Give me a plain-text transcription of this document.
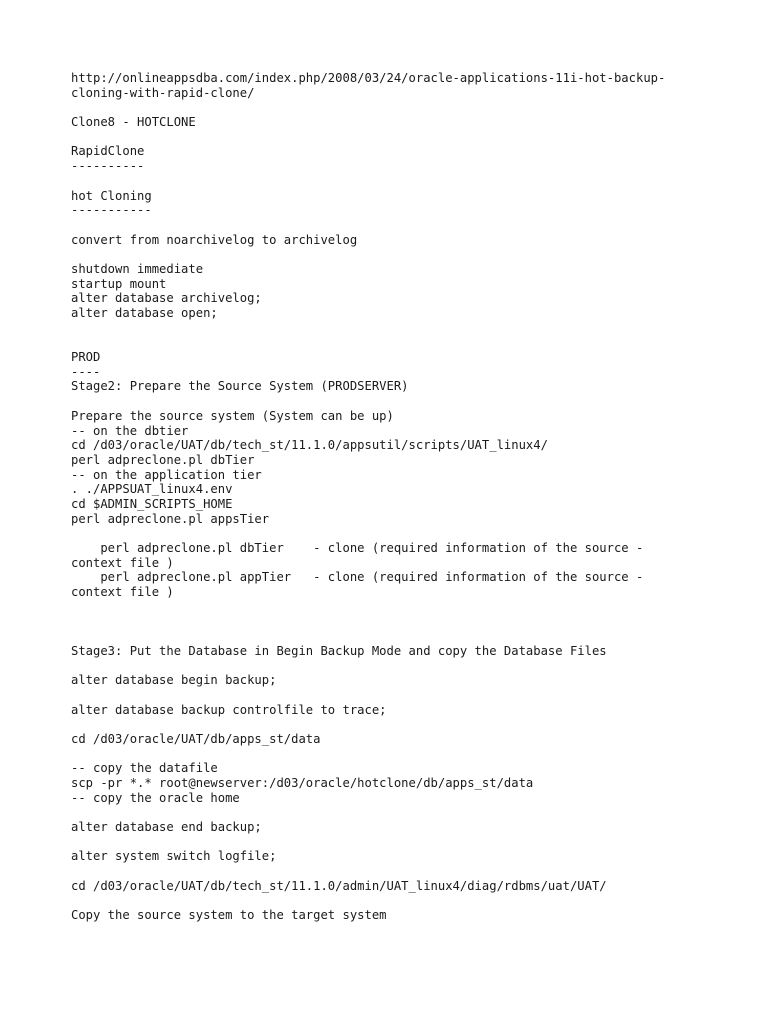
http://onlineappsdba.com/index.php/2008/03/24/oracle-applications-11i-hot-backup-
cloning-with-rapid-clone/
Clone8 - HOTCLONE
RapidClone
----------
hot Cloning
-----------
convert from noarchivelog to archivelog
shutdown immediate
startup mount
alter database archivelog;
alter database open;
PROD
----
Stage2: Prepare the Source System (PRODSERVER)
Prepare the source system (System can be up)
-- on the dbtier
cd /d03/oracle/UAT/db/tech_st/11.1.0/appsutil/scripts/UAT_linux4/
perl adpreclone.pl dbTier
-- on the application tier
. ./APPSUAT_linux4.env
cd $ADMIN_SCRIPTS_HOME
perl adpreclone.pl appsTier
perl adpreclone.pl dbTier    - clone (required information of the source -
context file )
perl adpreclone.pl appTier   - clone (required information of the source -
context file )
Stage3: Put the Database in Begin Backup Mode and copy the Database Files
alter database begin backup;
alter database backup controlfile to trace;
cd /d03/oracle/UAT/db/apps_st/data
-- copy the datafile
scp -pr *.* root@newserver:/d03/oracle/hotclone/db/apps_st/data
-- copy the oracle home
alter database end backup;
alter system switch logfile;
cd /d03/oracle/UAT/db/tech_st/11.1.0/admin/UAT_linux4/diag/rdbms/uat/UAT/
Copy the source system to the target system
